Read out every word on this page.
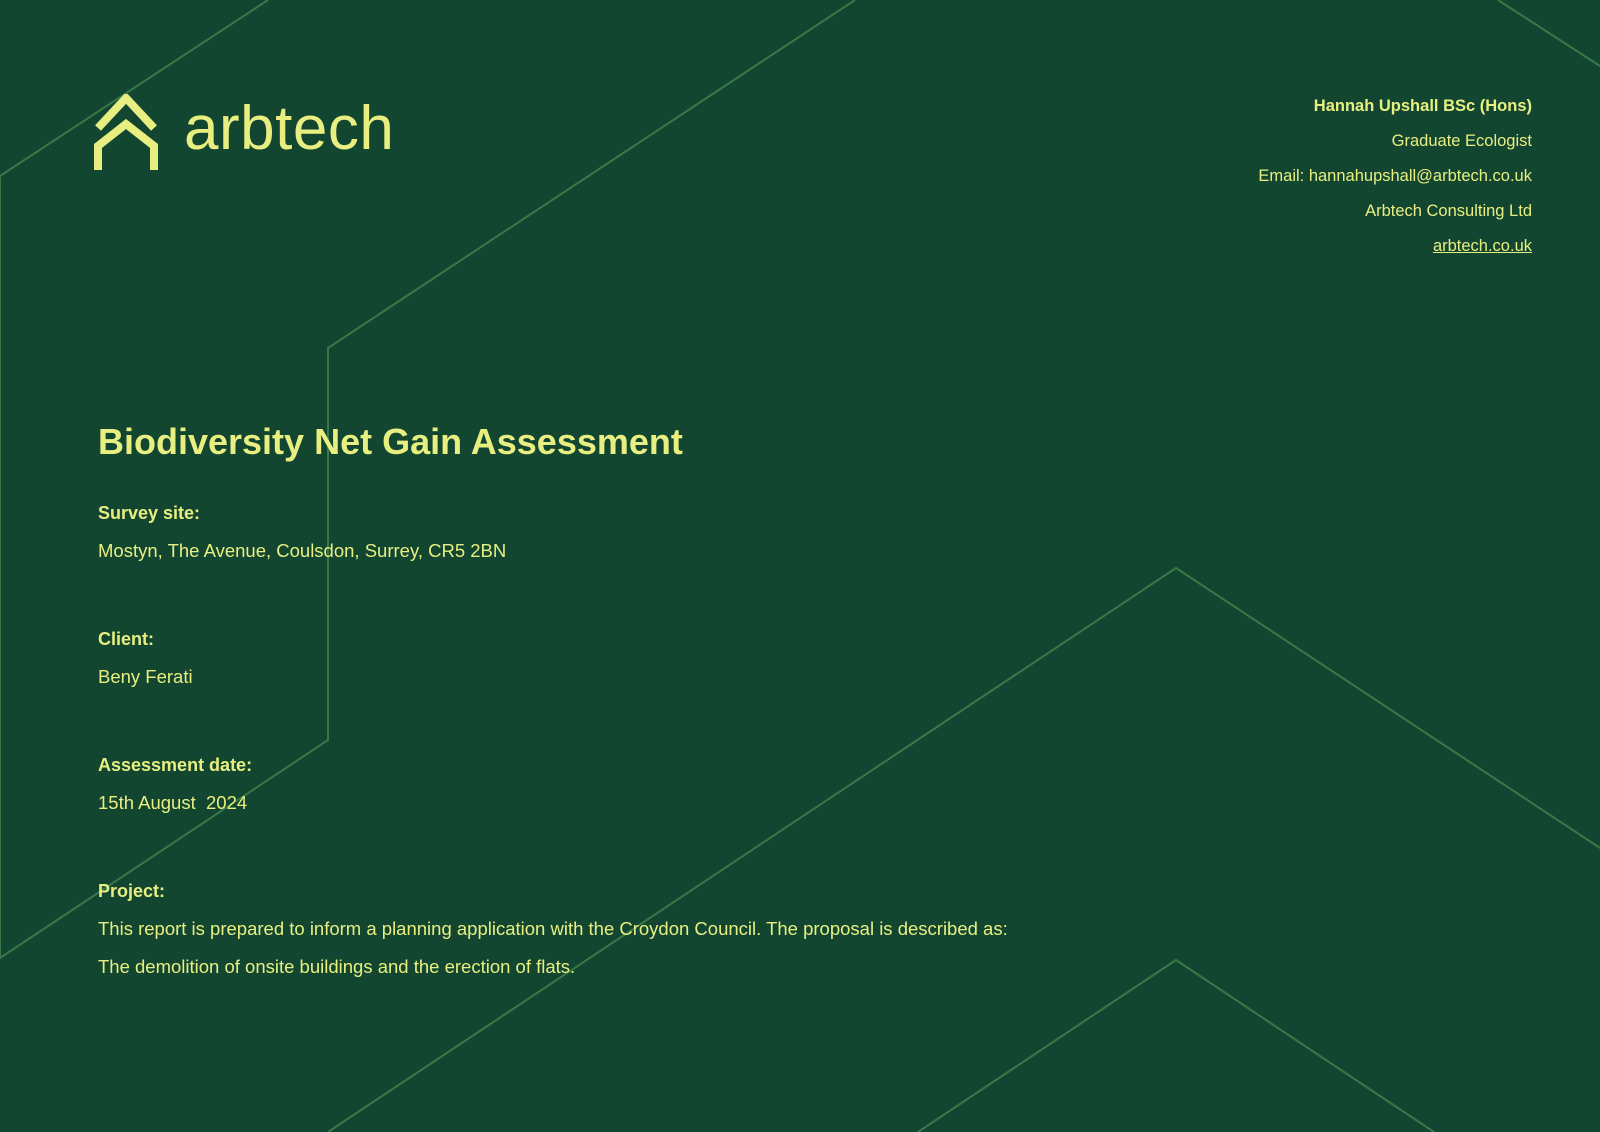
arbtech	Hannah Upshall BSc (Hons)
Graduate Ecologist
Email: hannahupshall@arbtech.co.uk
Arbtech Consulting Ltd
arbtech.co.uk
Biodiversity Net Gain Assessment
Survey site:
Mostyn, The Avenue, Coulsdon, Surrey, CR5 2BN
Client:
Beny Ferati
Assessment date:
15th August  2024
Project:
This report is prepared to inform a planning application with the Croydon Council. The proposal is described as:
The demolition of onsite buildings and the erection of flats.
